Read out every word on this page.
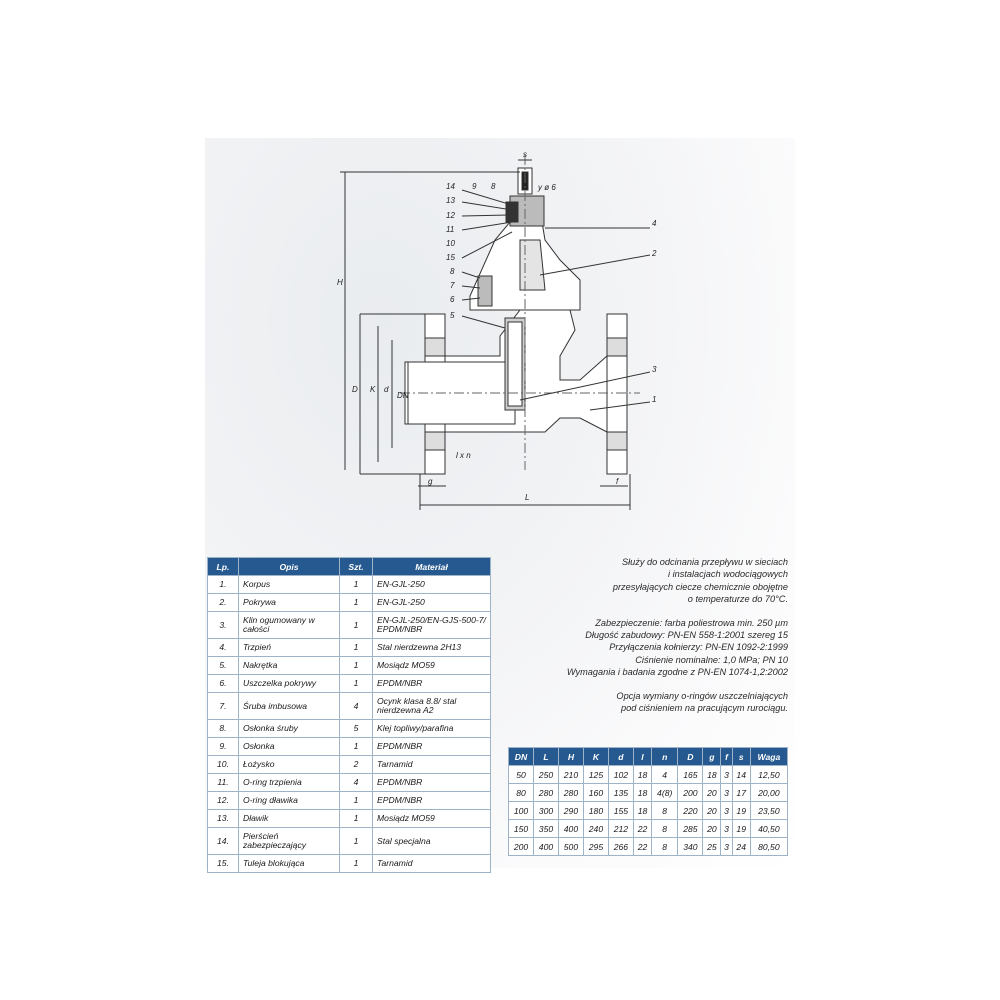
14 9 8
13
12
11
10
15
8
7
6
5
4
2
3
1
s
y ø 6
H
D K d
DN
l x n
g	f
L
Lp.	Opis	Szt.	Materiał
1.	Korpus	1	EN-GJL-250
2.	Pokrywa	1	EN-GJL-250
3.	Klin ogumowany w całości	1	EN-GJL-250/EN-GJS-500-7/ EPDM/NBR
4.	Trzpień	1	Stal nierdzewna 2H13
5.	Nakrętka	1	Mosiądz MO59
6.	Uszczelka pokrywy	1	EPDM/NBR
7.	Śruba imbusowa	4	Ocynk klasa 8.8/ stal nierdzewna A2
8.	Osłonka śruby	5	Klej topliwy/parafina
9.	Osłonka	1	EPDM/NBR
10.	Łożysko	2	Tarnamid
11.	O-ring trzpienia	4	EPDM/NBR
12.	O-ring dławika	1	EPDM/NBR
13.	Dławik	1	Mosiądz MO59
14.	Pierścień zabezpieczający	1	Stal specjalna
15.	Tuleja blokująca	1	Tarnamid

Służy do odcinania przepływu w sieciach

i instalacjach wodociągowych

przesyłających ciecze chemicznie obojętne

o temperaturze do 70°C.

Zabezpieczenie: farba poliestrowa min. 250 µm

Długość zabudowy: PN-EN 558-1:2001 szereg 15

Przyłączenia kołnierzy: PN-EN 1092-2:1999

Ciśnienie nominalne: 1,0 MPa; PN 10

Wymagania i badania zgodne z PN-EN 1074-1,2:2002

Opcja wymiany o-ringów uszczelniających

pod ciśnieniem na pracującym rurociągu.

DN	L	H	K	d	l	n	D	g	f	s	Waga
50	250	210	125	102	18	4	165	18	3	14	12,50
80	280	280	160	135	18	4(8)	200	20	3	17	20,00
100	300	290	180	155	18	8	220	20	3	19	23,50
150	350	400	240	212	22	8	285	20	3	19	40,50
200	400	500	295	266	22	8	340	25	3	24	80,50
